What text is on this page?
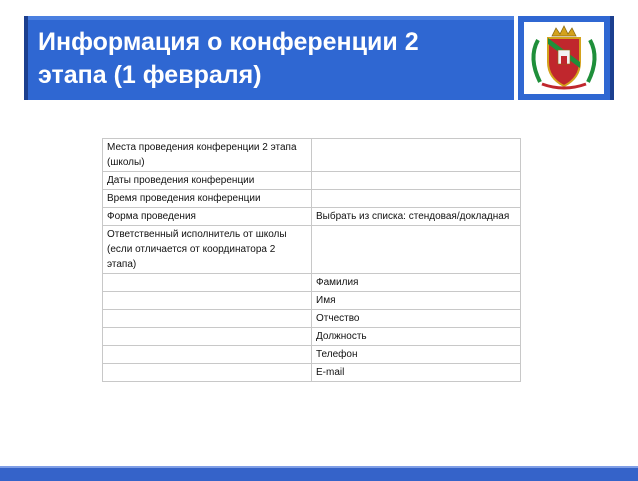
Информация о конференции 2
этапа (1 февраля)
Места проведения конференции 2 этапа (школы)	
Даты проведения конференции	
Время проведения конференции	
Форма проведения	Выбрать из списка: стендовая/докладная
Ответственный исполнитель от школы (если отличается от координатора 2 этапа)	
	Фамилия
	Имя
	Отчество
	Должность
	Телефон
	E-mail
